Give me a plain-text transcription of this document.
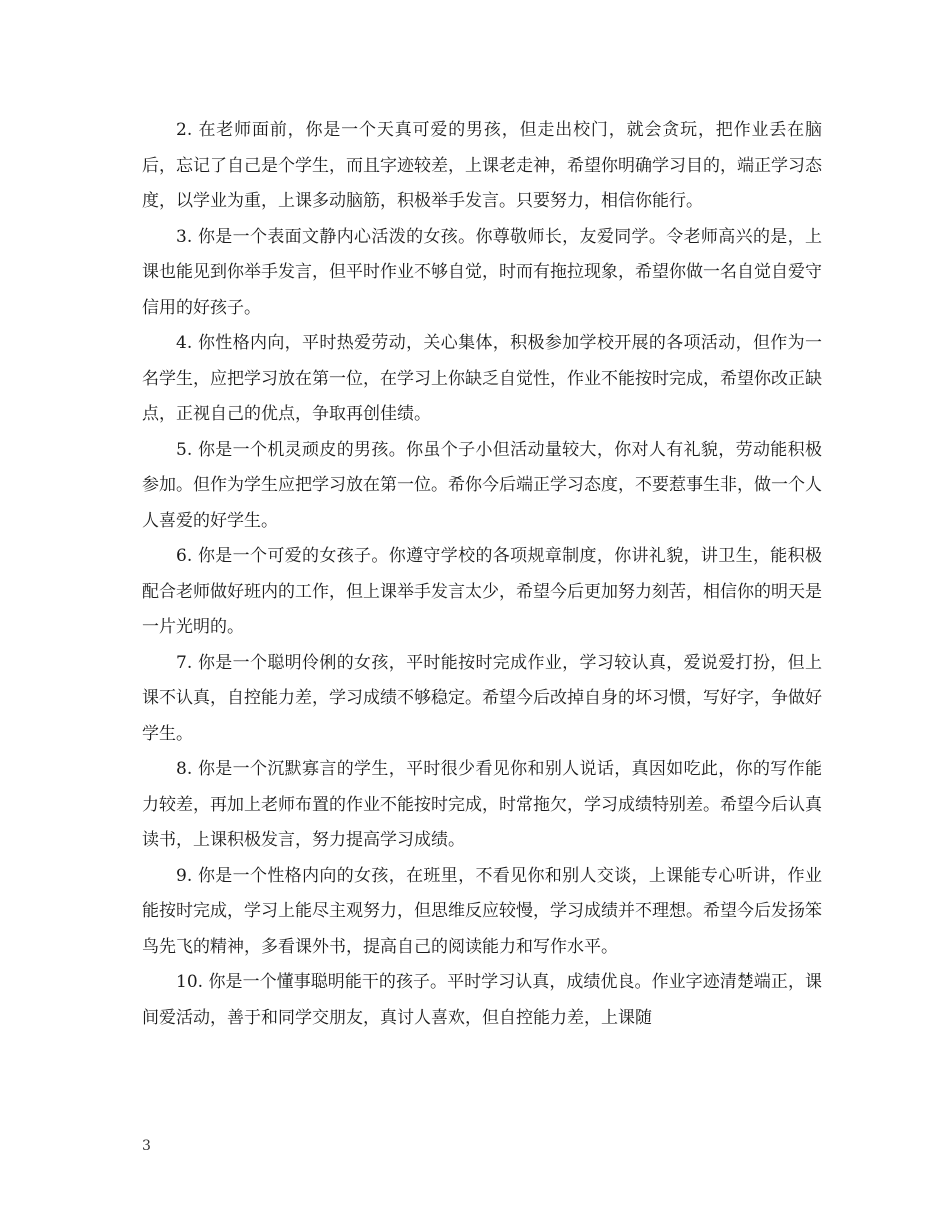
2. 在老师面前，你是一个天真可爱的男孩，但走出校门，就会贪玩，把作业丢在脑后，忘记了自己是个学生，而且字迹较差，上课老走神，希望你明确学习目的，端正学习态度，以学业为重，上课多动脑筋，积极举手发言。只要努力，相信你能行。

3. 你是一个表面文静内心活泼的女孩。你尊敬师长，友爱同学。令老师高兴的是，上课也能见到你举手发言，但平时作业不够自觉，时而有拖拉现象，希望你做一名自觉自爱守信用的好孩子。

4. 你性格内向，平时热爱劳动，关心集体，积极参加学校开展的各项活动，但作为一名学生，应把学习放在第一位，在学习上你缺乏自觉性，作业不能按时完成，希望你改正缺点，正视自己的优点，争取再创佳绩。

5. 你是一个机灵顽皮的男孩。你虽个子小但活动量较大，你对人有礼貌，劳动能积极参加。但作为学生应把学习放在第一位。希你今后端正学习态度，不要惹事生非，做一个人人喜爱的好学生。

6. 你是一个可爱的女孩子。你遵守学校的各项规章制度，你讲礼貌，讲卫生，能积极配合老师做好班内的工作，但上课举手发言太少，希望今后更加努力刻苦，相信你的明天是一片光明的。

7. 你是一个聪明伶俐的女孩，平时能按时完成作业，学习较认真，爱说爱打扮，但上课不认真，自控能力差，学习成绩不够稳定。希望今后改掉自身的坏习惯，写好字，争做好学生。

8. 你是一个沉默寡言的学生，平时很少看见你和别人说话，真因如吃此，你的写作能力较差，再加上老师布置的作业不能按时完成，时常拖欠，学习成绩特别差。希望今后认真读书，上课积极发言，努力提高学习成绩。

9. 你是一个性格内向的女孩，在班里，不看见你和别人交谈，上课能专心听讲，作业能按时完成，学习上能尽主观努力，但思维反应较慢，学习成绩并不理想。希望今后发扬笨鸟先飞的精神，多看课外书，提高自己的阅读能力和写作水平。

10. 你是一个懂事聪明能干的孩子。平时学习认真，成绩优良。作业字迹清楚端正，课间爱活动，善于和同学交朋友，真讨人喜欢，但自控能力差，上课随

3
